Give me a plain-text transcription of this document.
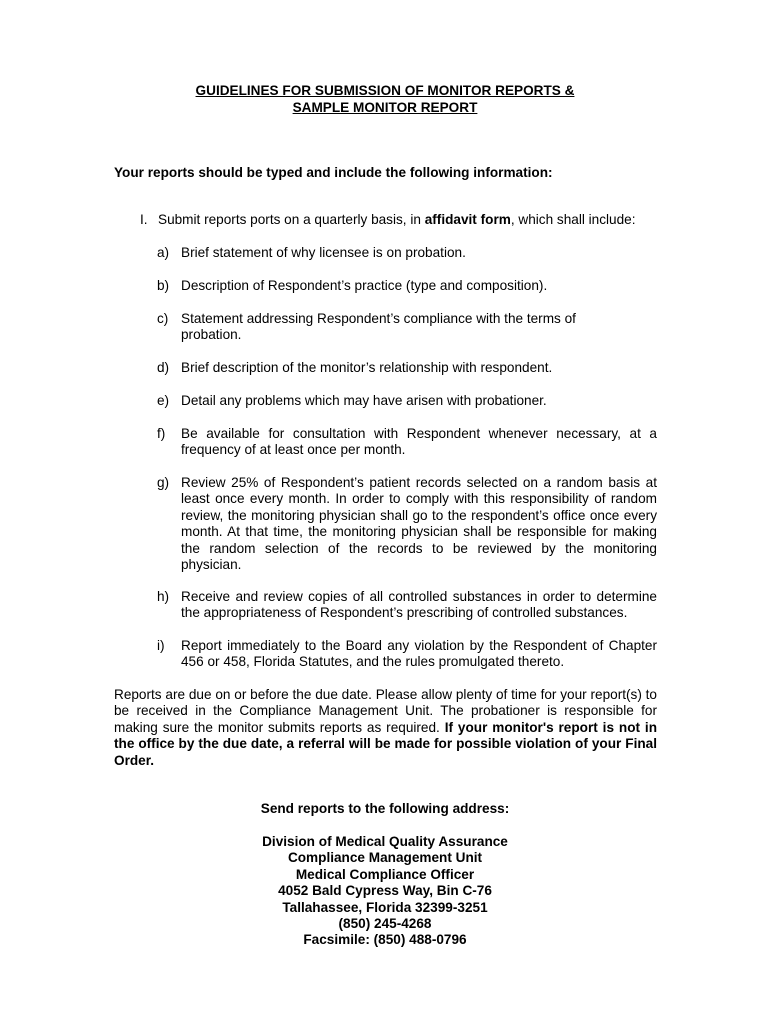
GUIDELINES FOR SUBMISSION OF MONITOR REPORTS &
SAMPLE MONITOR REPORT
Your reports should be typed and include the following information:
I. Submit reports ports on a quarterly basis, in affidavit form, which shall include:
a) Brief statement of why licensee is on probation.
b) Description of Respondent’s practice (type and composition).
c) Statement addressing Respondent’s compliance with the terms of probation.
d) Brief description of the monitor’s relationship with respondent.
e) Detail any problems which may have arisen with probationer.
f) Be available for consultation with Respondent whenever necessary, at a frequency of at least once per month.
g) Review 25% of Respondent’s patient records selected on a random basis at least once every month. In order to comply with this responsibility of random review, the monitoring physician shall go to the respondent’s office once every month. At that time, the monitoring physician shall be responsible for making the random selection of the records to be reviewed by the monitoring physician.
h) Receive and review copies of all controlled substances in order to determine the appropriateness of Respondent’s prescribing of controlled substances.
i) Report immediately to the Board any violation by the Respondent of Chapter 456 or 458, Florida Statutes, and the rules promulgated thereto.
Reports are due on or before the due date. Please allow plenty of time for your report(s) to be received in the Compliance Management Unit. The probationer is responsible for making sure the monitor submits reports as required. If your monitor's report is not in the office by the due date, a referral will be made for possible violation of your Final Order.
Send reports to the following address:
Division of Medical Quality Assurance
Compliance Management Unit
Medical Compliance Officer
4052 Bald Cypress Way, Bin C-76
Tallahassee, Florida 32399-3251
(850) 245-4268
Facsimile: (850) 488-0796
